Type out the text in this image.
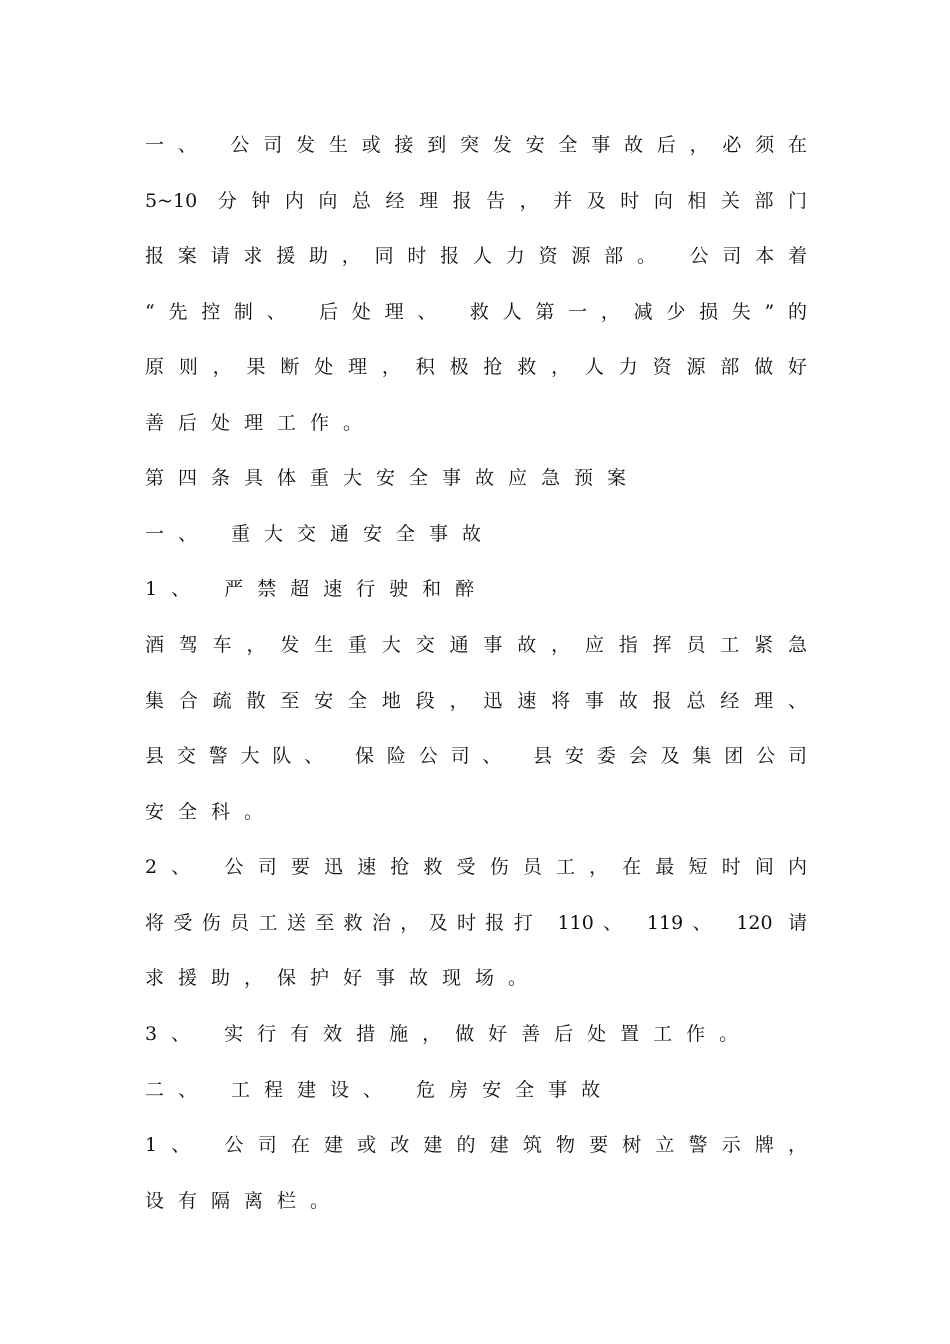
一、 公司发生或接到突发安全事故后，必须在
5~10 分钟内向总经理报告，并及时向相关部门
报案请求援助，同时报人力资源部。 公司本着
“先控制、 后处理、 救人第一，减少损失”的
原则，果断处理，积极抢救，人力资源部做好
善后处理工作。
第四条具体重大安全事故应急预案
一、 重大交通安全事故
1、 严禁超速行驶和醉
酒驾车，发生重大交通事故，应指挥员工紧急
集合疏散至安全地段，迅速将事故报总经理、
县交警大队、 保险公司、 县安委会及集团公司
安全科。
2、 公司要迅速抢救受伤员工，在最短时间内
将受伤员工送至救治，及时报打 110、 119、 120 请
求援助，保护好事故现场。
3、 实行有效措施，做好善后处置工作。
二、 工程建设、 危房安全事故
1、 公司在建或改建的建筑物要树立警示牌，
设有隔离栏。
